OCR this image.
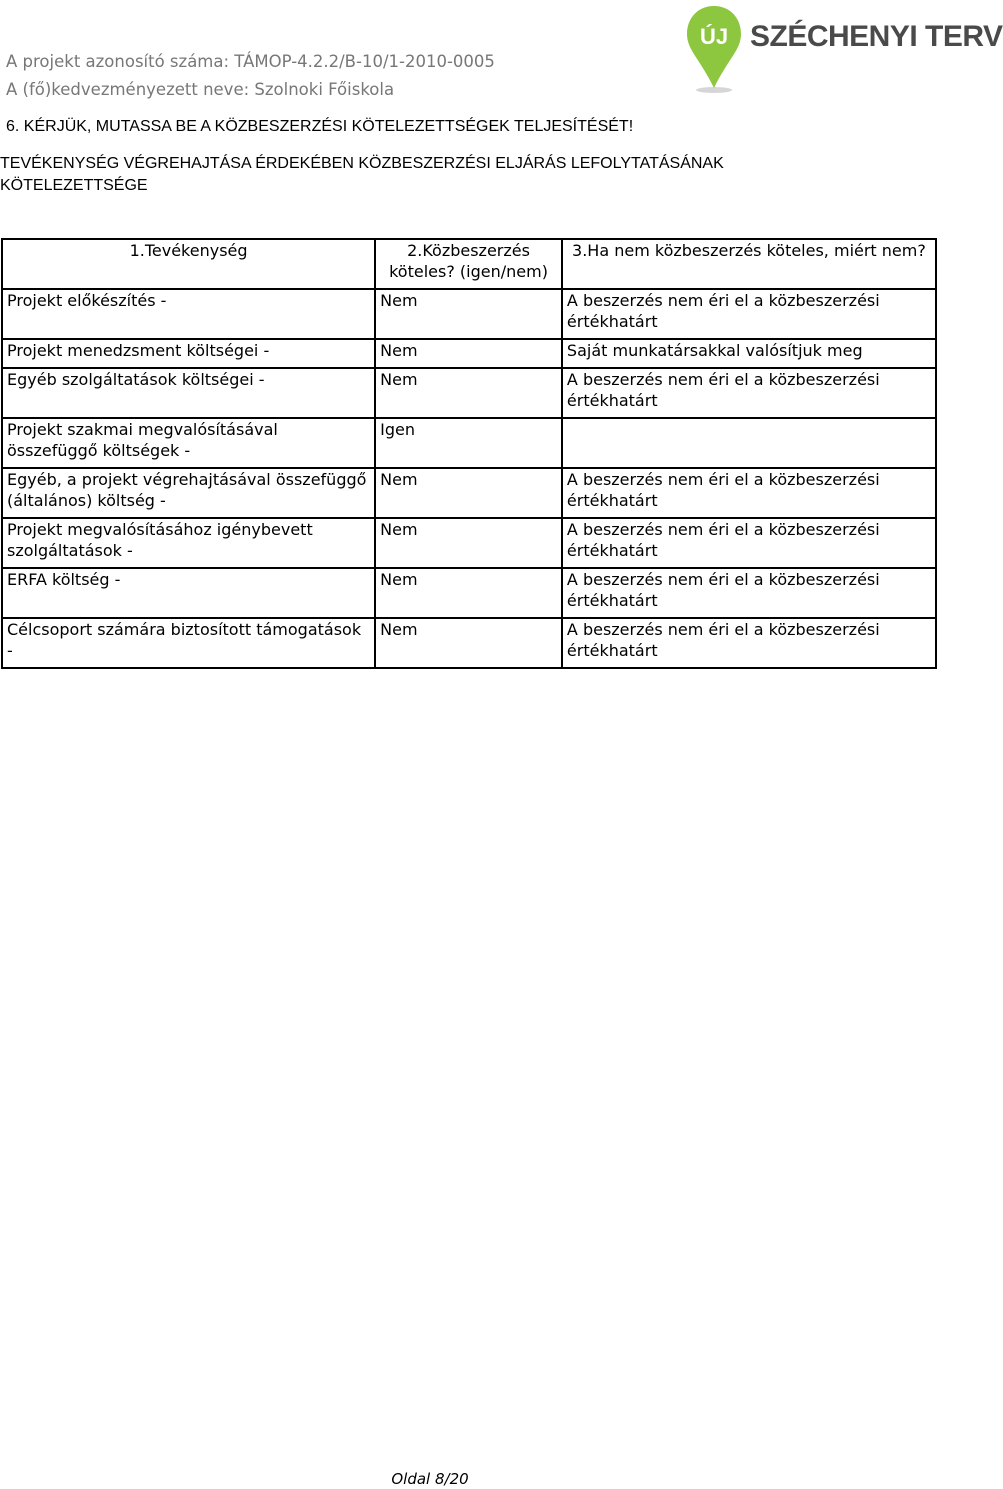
A projekt azonosító száma: TÁMOP-4.2.2/B-10/1-2010-0005
A (fő)kedvezményezett neve: Szolnoki Főiskola
ÚJ SZÉCHENYI TERV
6. KÉRJÜK, MUTASSA BE A KÖZBESZERZÉSI KÖTELEZETTSÉGEK TELJESÍTÉSÉT!
TEVÉKENYSÉG VÉGREHAJTÁSA ÉRDEKÉBEN KÖZBESZERZÉSI ELJÁRÁS LEFOLYTATÁSÁNAK
KÖTELEZETTSÉGE
1.Tevékenység	2.Közbeszerzés köteles? (igen/nem)	3.Ha nem közbeszerzés köteles, miért nem?
Projekt előkészítés -	Nem	A beszerzés nem éri el a közbeszerzési értékhatárt
Projekt menedzsment költségei -	Nem	Saját munkatársakkal valósítjuk meg
Egyéb szolgáltatások költségei -	Nem	A beszerzés nem éri el a közbeszerzési értékhatárt
Projekt szakmai megvalósításával összefüggő költségek -	Igen	
Egyéb, a projekt végrehajtásával összefüggő (általános) költség -	Nem	A beszerzés nem éri el a közbeszerzési értékhatárt
Projekt megvalósításához igénybevett szolgáltatások -	Nem	A beszerzés nem éri el a közbeszerzési értékhatárt
ERFA költség -	Nem	A beszerzés nem éri el a közbeszerzési értékhatárt
Célcsoport számára biztosított támogatások -	Nem	A beszerzés nem éri el a közbeszerzési értékhatárt
Oldal 8/20
